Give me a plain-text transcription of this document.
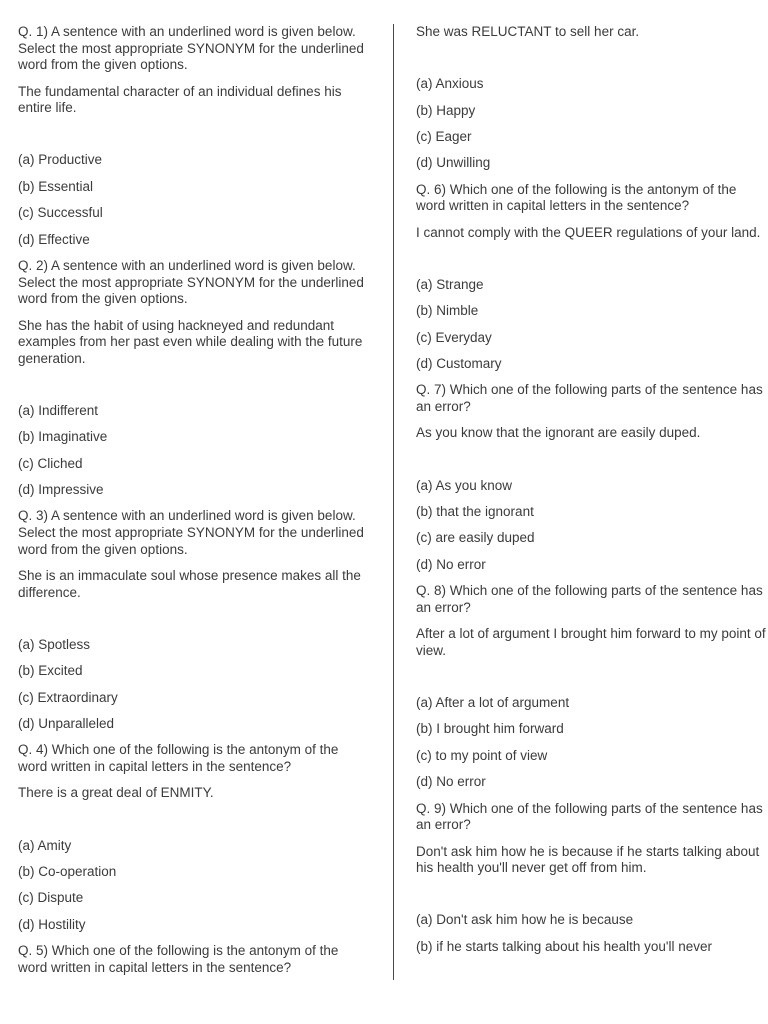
Q. 1) A sentence with an underlined word is given below. Select the most appropriate SYNONYM for the underlined word from the given options.

The fundamental character of an individual defines his entire life.

(a) Productive

(b) Essential

(c) Successful

(d) Effective

Q. 2) A sentence with an underlined word is given below. Select the most appropriate SYNONYM for the underlined word from the given options.

She has the habit of using hackneyed and redundant examples from her past even while dealing with the future generation.

(a) Indifferent

(b) Imaginative

(c) Cliched

(d) Impressive

Q. 3) A sentence with an underlined word is given below. Select the most appropriate SYNONYM for the underlined word from the given options.

She is an immaculate soul whose presence makes all the difference.

(a) Spotless

(b) Excited

(c) Extraordinary

(d) Unparalleled

Q. 4) Which one of the following is the antonym of the word written in capital letters in the sentence?

There is a great deal of ENMITY.

(a) Amity

(b) Co-operation

(c) Dispute

(d) Hostility

Q. 5) Which one of the following is the antonym of the word written in capital letters in the sentence?

She was RELUCTANT to sell her car.

(a) Anxious

(b) Happy

(c) Eager

(d) Unwilling

Q. 6) Which one of the following is the antonym of the word written in capital letters in the sentence?

I cannot comply with the QUEER regulations of your land.

(a) Strange

(b) Nimble

(c) Everyday

(d) Customary

Q. 7) Which one of the following parts of the sentence has an error?

As you know that the ignorant are easily duped.

(a) As you know

(b) that the ignorant

(c) are easily duped

(d) No error

Q. 8) Which one of the following parts of the sentence has an error?

After a lot of argument I brought him forward to my point of view.

(a) After a lot of argument

(b) I brought him forward

(c) to my point of view

(d) No error

Q. 9) Which one of the following parts of the sentence has an error?

Don't ask him how he is because if he starts talking about his health you'll never get off from him.

(a) Don't ask him how he is because

(b) if he starts talking about his health you'll never
